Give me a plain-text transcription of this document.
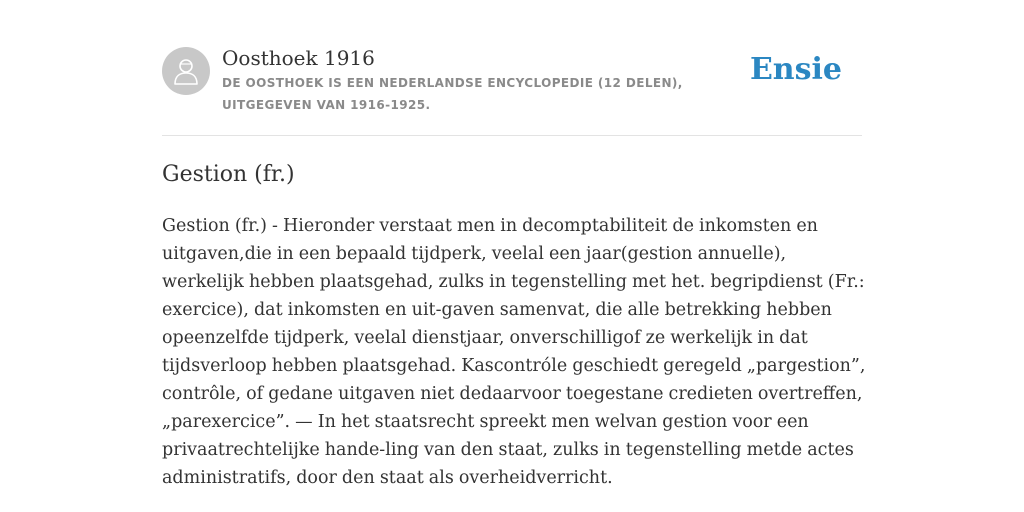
Oosthoek 1916
DE OOSTHOEK IS EEN NEDERLANDSE ENCYCLOPEDIE (12 DELEN), UITGEGEVEN VAN 1916-1925.
Ensie
Gestion (fr.)

Gestion (fr.) - Hieronder verstaat men in decomptabiliteit de inkomsten en uitgaven,die in een bepaald tijdperk, veelal een jaar(gestion annuelle), werkelijk hebben plaatsgehad, zulks in tegenstelling met het. begripdienst (Fr.: exercice), dat inkomsten en uit-gaven samenvat, die alle betrekking hebben opeenzelfde tijdperk, veelal dienstjaar, onverschilligof ze werkelijk in dat tijdsverloop hebben plaatsgehad. Kascontróle geschiedt geregeld „pargestion”, contrôle, of gedane uitgaven niet dedaarvoor toegestane credieten overtreffen, „parexercice”. — In het staatsrecht spreekt men welvan gestion voor een privaatrechtelijke hande-ling van den staat, zulks in tegenstelling metde actes administratifs, door den staat als overheidverricht.
